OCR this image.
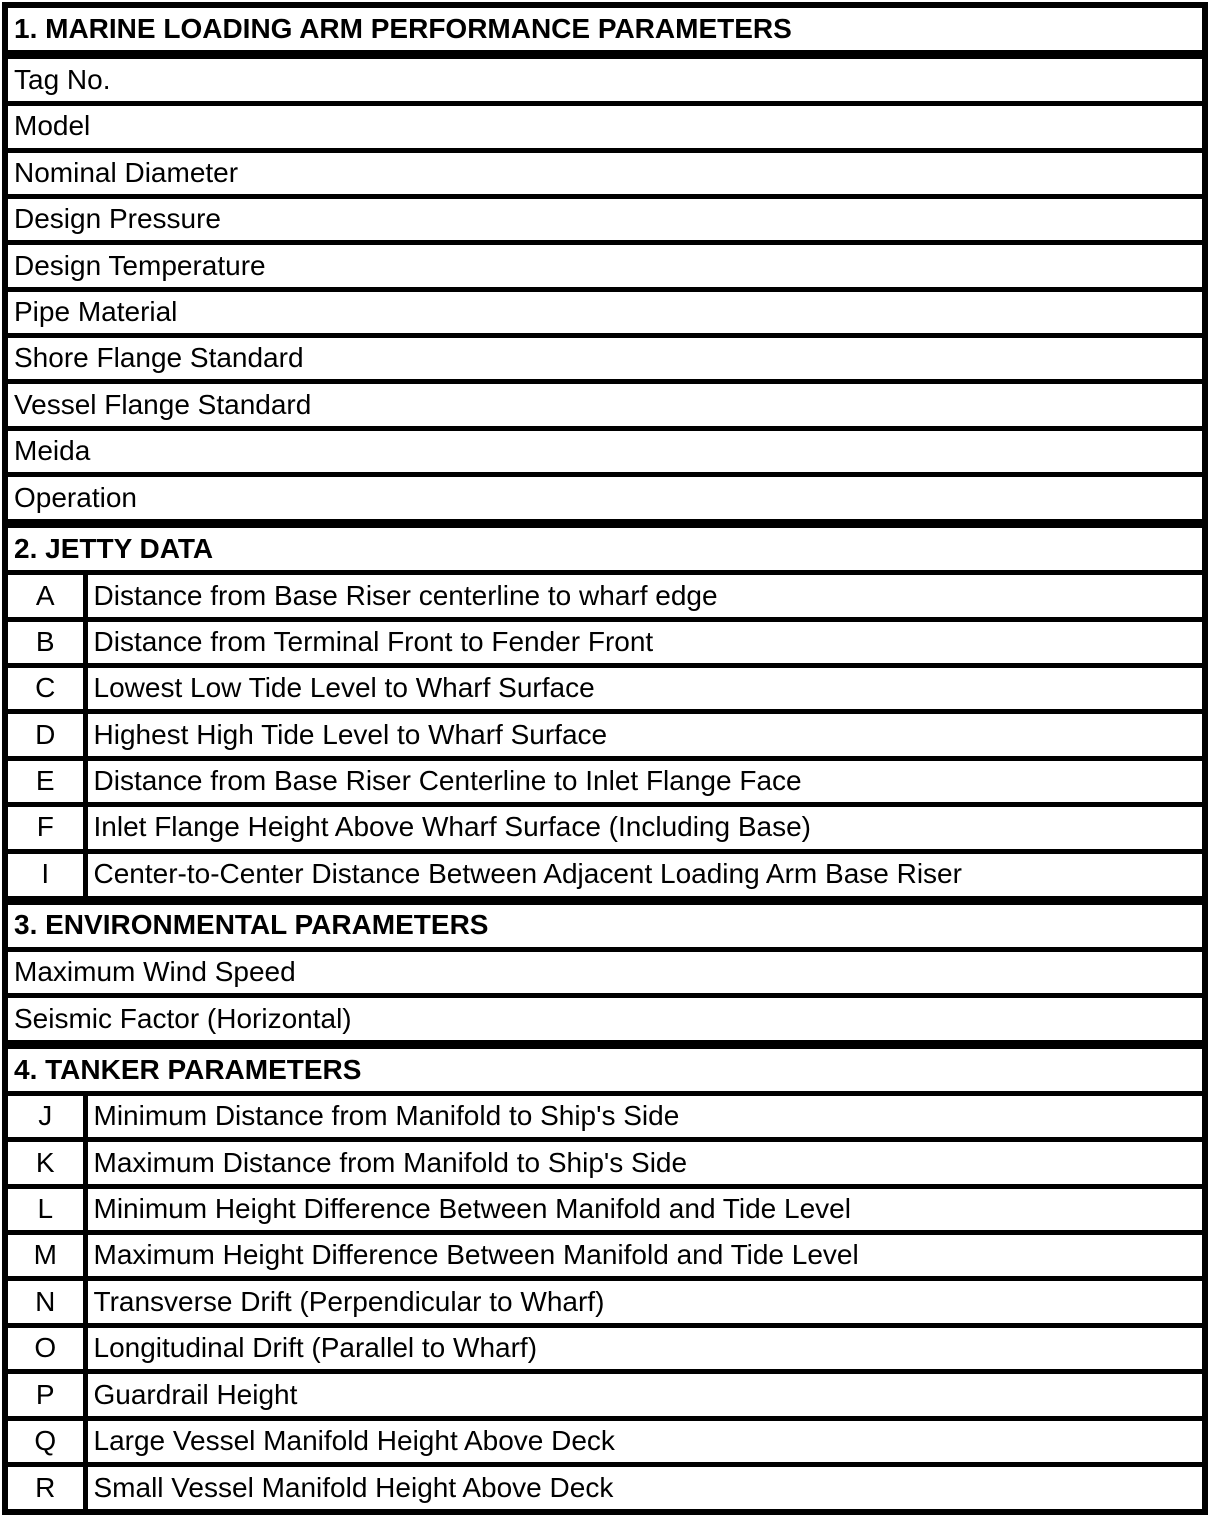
1. MARINE LOADING ARM PERFORMANCE PARAMETERS	
Tag No.	
Model	
Nominal Diameter	
Design Pressure	
Design Temperature	
Pipe Material	
Shore Flange Standard	
Vessel Flange Standard	
Meida	
Operation	
2. JETTY DATA	
A	Distance from Base Riser centerline to wharf edge
B	Distance from Terminal Front to Fender Front
C	Lowest Low Tide Level to Wharf Surface
D	Highest High Tide Level to Wharf Surface
E	Distance from Base Riser Centerline to Inlet Flange Face
F	Inlet Flange Height Above Wharf Surface (Including Base)
I	Center-to-Center Distance Between Adjacent Loading Arm Base Riser
3. ENVIRONMENTAL PARAMETERS	
Maximum Wind Speed	
Seismic Factor (Horizontal)	
4. TANKER PARAMETERS	
J	Minimum Distance from Manifold to Ship's Side
K	Maximum Distance from Manifold to Ship's Side
L	Minimum Height Difference Between Manifold and Tide Level
M	Maximum Height Difference Between Manifold and Tide Level
N	Transverse Drift (Perpendicular to Wharf)
O	Longitudinal Drift (Parallel to Wharf)
P	Guardrail Height
Q	Large Vessel Manifold Height Above Deck
R	Small Vessel Manifold Height Above Deck
